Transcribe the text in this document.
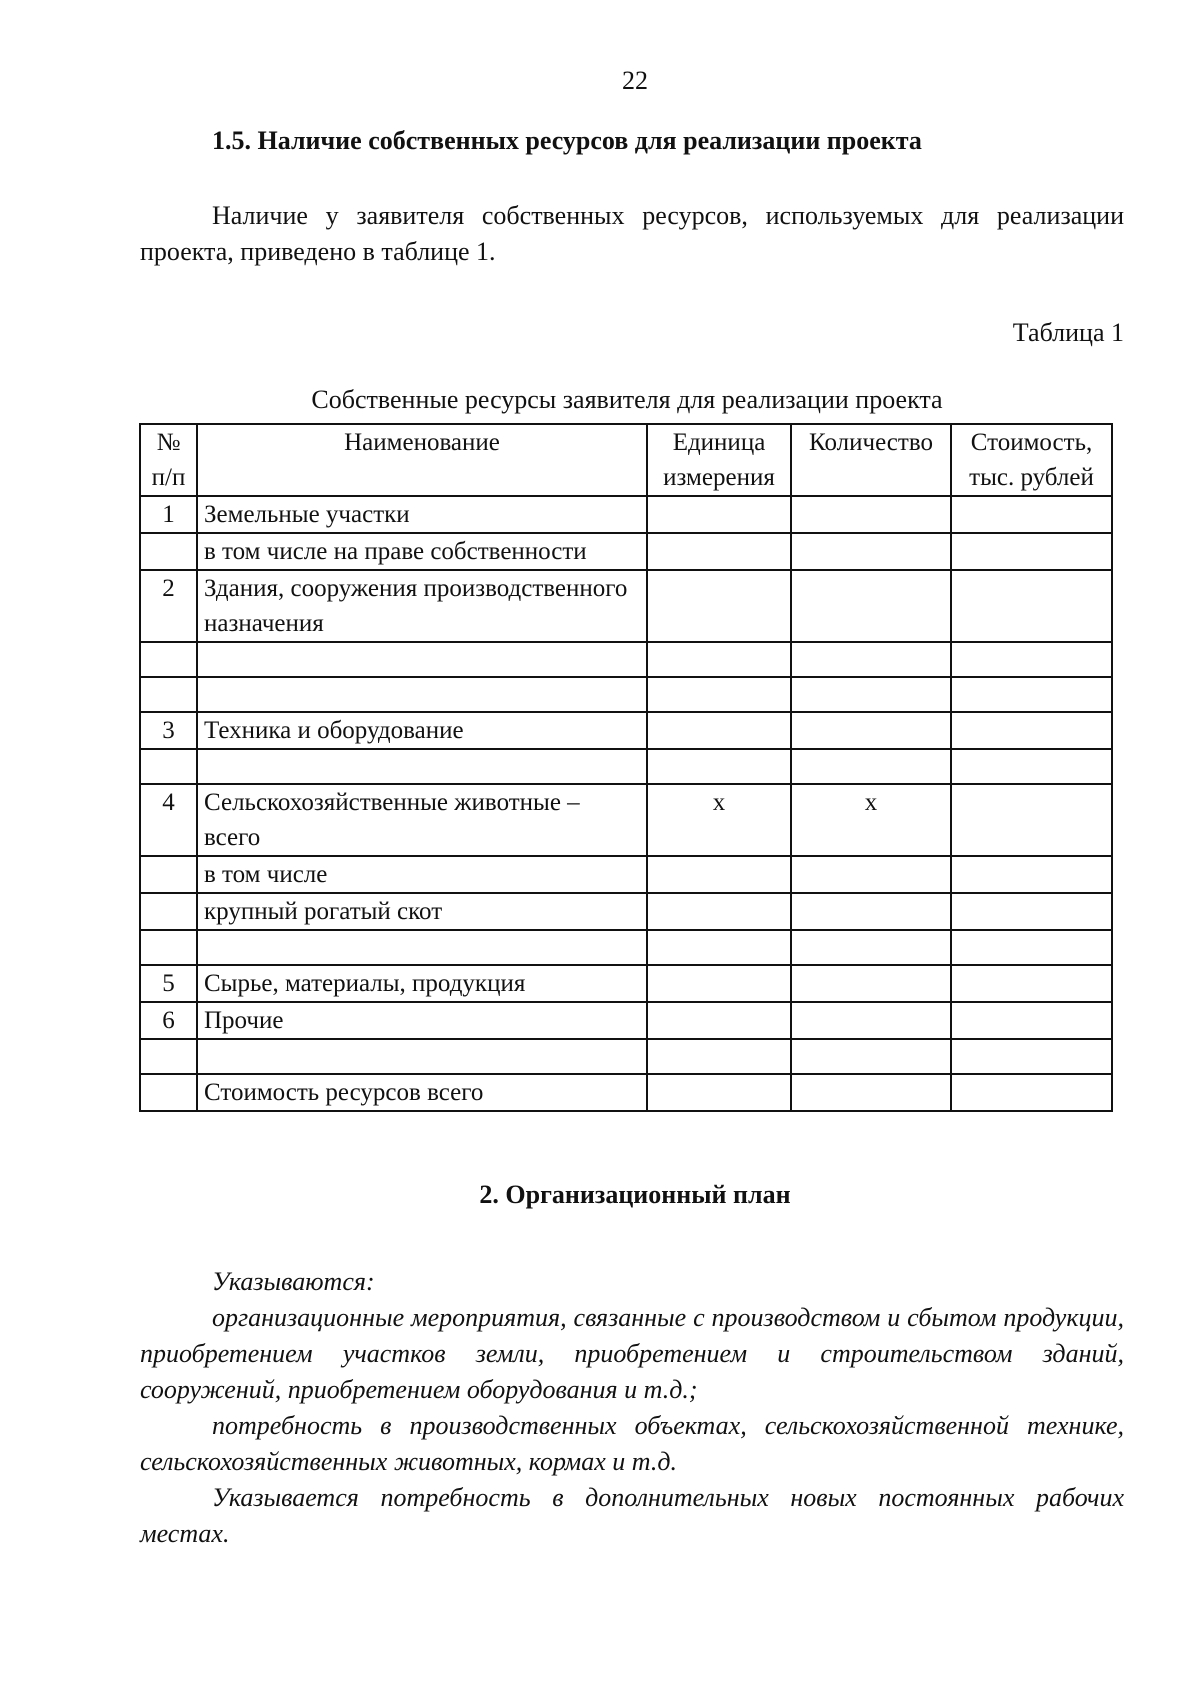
22
1.5. Наличие собственных ресурсов для реализации проекта
Наличие у заявителя собственных ресурсов, используемых для реализации проекта, приведено в таблице 1.
Таблица 1
Собственные ресурсы заявителя для реализации проекта
№ п/п	Наименование	Единица измерения	Количество	Стоимость, тыс. рублей
1	Земельные участки			
	в том числе на праве собственности			
2	Здания, сооружения производственного назначения			

3	Техника и оборудование			

4	Сельскохозяйственные животные – всего	х	х	
	в том числе			
	крупный рогатый скот			

5	Сырье, материалы, продукция			
6	Прочие			

	Стоимость ресурсов всего			
2. Организационный план
Указываются:
организационные мероприятия, связанные с производством и сбытом продукции, приобретением участков земли, приобретением и строительством зданий, сооружений, приобретением оборудования и т.д.;
потребность в производственных объектах, сельскохозяйственной технике, сельскохозяйственных животных, кормах и т.д.
Указывается потребность в дополнительных новых постоянных рабочих местах.
